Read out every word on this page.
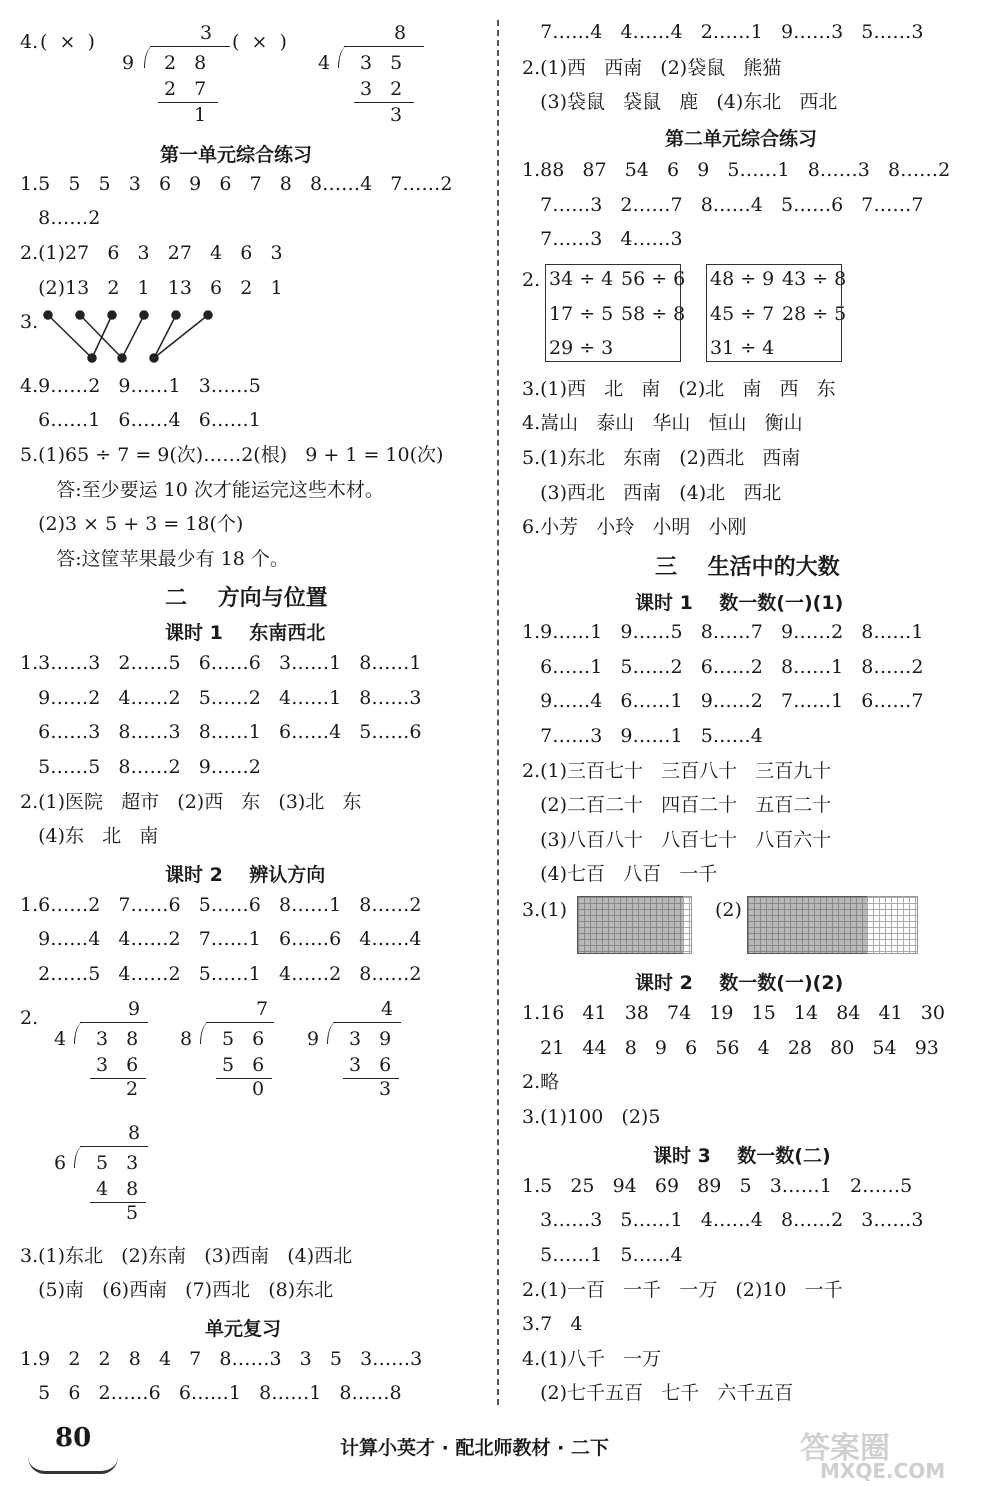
4. (  ×  )	(  ×  )
3
9 2 8
2 7
1
8
4 3 5
3 2
3
第一单元综合练习
1.5   5   5   3   6   9   6   7   8   8……4   7……2
8……2
2.(1)27   6   3   27   4   6   3
(2)13   2   1   13   6   2   1
3.
4.9……2   9……1   3……5
6……1   6……4   6……1
5.(1)65 ÷ 7 = 9(次)……2(根)   9 + 1 = 10(次)
答:至少要运 10 次才能运完这些木材。
(2)3 × 5 + 3 = 18(个)
答:这筐苹果最少有 18 个。
二    方向与位置
课时 1    东南西北
1.3……3   2……5   6……6   3……1   8……1
9……2   4……2   5……2   4……1   8……3
6……3   8……3   8……1   6……4   5……6
5……5   8……2   9……2
2.(1)医院   超市   (2)西   东   (3)北   东
(4)东   北   南
课时 2    辨认方向
1.6……2   7……6   5……6   8……1   8……2
9……4   4……2   7……1   6……6   4……4
2……5   4……2   5……1   4……2   8……2
2.	9
4 3 8
3 6
2
7
8 5 6
5 6
0
4
9 3 9
3 6
3
8
6 5 3
4 8
5
3.(1)东北   (2)东南   (3)西南   (4)西北
(5)南   (6)西南   (7)西北   (8)东北
单元复习
1.9   2   2   8   4   7   8……3   3   5   3……3
5   6   2……6   6……1   8……1   8……8
7……4   4……4   2……1   9……3   5……3
2.(1)西   西南   (2)袋鼠   熊猫
(3)袋鼠   袋鼠   鹿   (4)东北   西北
第二单元综合练习
1.88   87   54   6   9   5……1   8……3   8……2
7……3   2……7   8……4   5……6   7……7
7……3   4……3
2. 34 ÷ 4 56 ÷ 6
17 ÷ 5 58 ÷ 8
29 ÷ 3
48 ÷ 9 43 ÷ 8
45 ÷ 7 28 ÷ 5
31 ÷ 4
3.(1)西   北   南   (2)北   南   西   东
4.嵩山   泰山   华山   恒山   衡山
5.(1)东北   东南   (2)西北   西南
(3)西北   西南   (4)北   西北
6.小芳   小玲   小明   小刚
三    生活中的大数
课时 1    数一数(一)(1)
1.9……1   9……5   8……7   9……2   8……1
6……1   5……2   6……2   8……1   8……2
9……4   6……1   9……2   7……1   6……7
7……3   9……1   5……4
2.(1)三百七十   三百八十   三百九十
(2)二百二十   四百二十   五百二十
(3)八百八十   八百七十   八百六十
(4)七百   八百   一千
3.(1)	(2)
课时 2    数一数(一)(2)
1.16   41   38   74   19   15   14   84   41   30
21   44   8   9   6   56   4   28   80   54   93
2.略
3.(1)100   (2)5
课时 3    数一数(二)
1.5   25   94   69   89   5   3……1   2……5
3……3   5……1   4……4   8……2   3……3
5……1   5……4
2.(1)一百   一千   一万   (2)10   一千
3.7   4
4.(1)八千   一万
(2)七千五百   七千   六千五百
80	计算小英才 · 配北师教材 · 二下	答案圈
MXQE.COM
